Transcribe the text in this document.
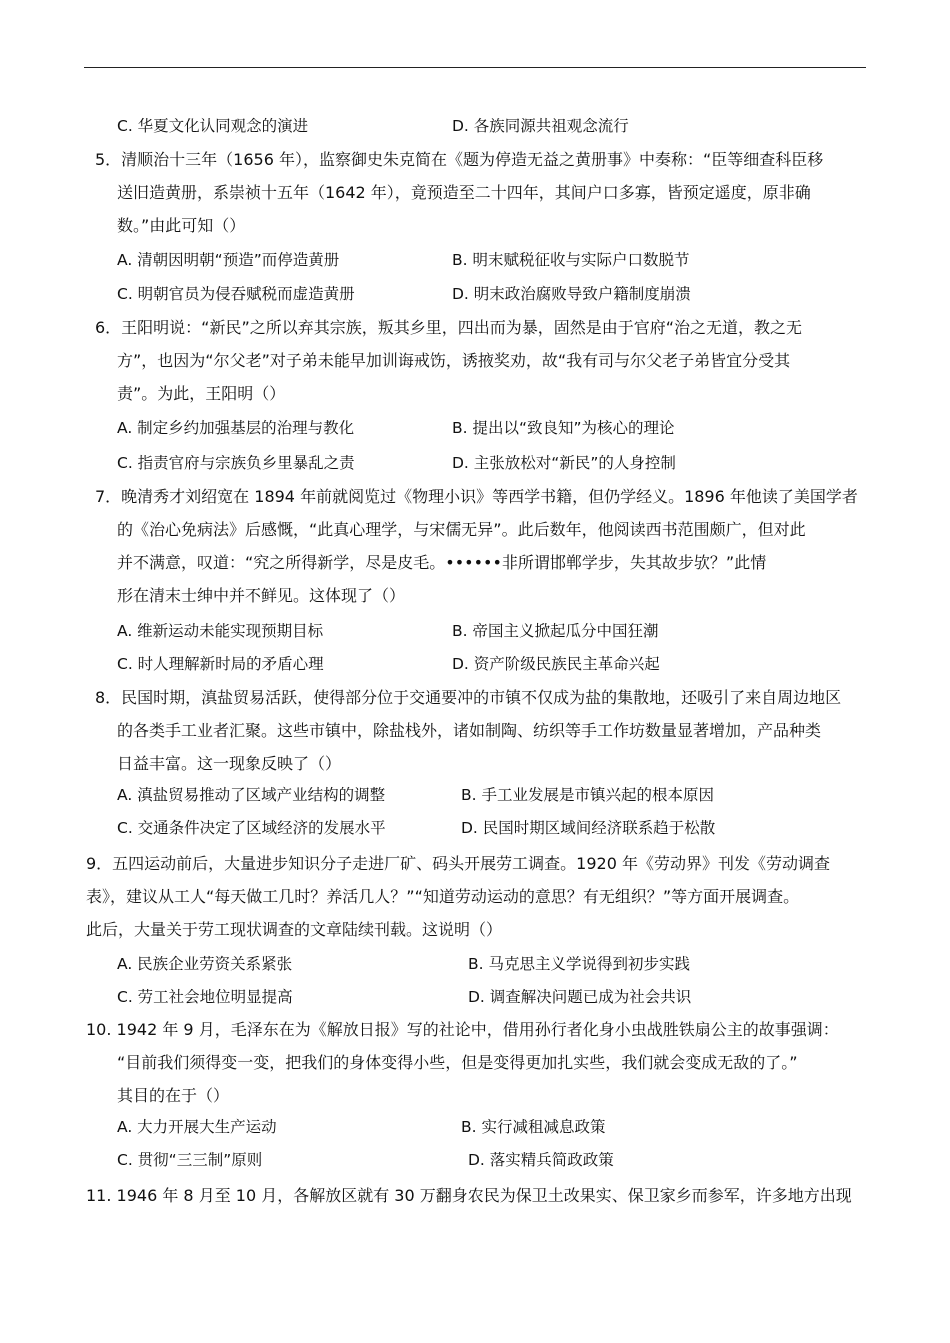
C. 华夏文化认同观念的演进	D. 各族同源共祖观念流行
5．清顺治十三年（1656 年），监察御史朱克简在《题为停造无益之黄册事》中奏称：“臣等细查科臣移
送旧造黄册，系崇祯十五年（1642 年），竟预造至二十四年，其间户口多寡，皆预定遥度，原非确
数。”由此可知（）
A. 清朝因明朝“预造”而停造黄册	B. 明末赋税征收与实际户口数脱节
C. 明朝官员为侵吞赋税而虚造黄册	D. 明末政治腐败导致户籍制度崩溃
6．王阳明说：“新民”之所以弃其宗族，叛其乡里，四出而为暴，固然是由于官府“治之无道，教之无
方”，也因为“尔父老”对子弟未能早加训诲戒饬，诱掖奖劝，故“我有司与尔父老子弟皆宜分受其
责”。为此，王阳明（）
A. 制定乡约加强基层的治理与教化	B. 提出以“致良知”为核心的理论
C. 指责官府与宗族负乡里暴乱之责	D. 主张放松对“新民”的人身控制
7．晚清秀才刘绍宽在 1894 年前就阅览过《物理小识》等西学书籍，但仍学经义。1896 年他读了美国学者
的《治心免病法》后感慨，“此真心理学，与宋儒无异”。此后数年，他阅读西书范围颇广，但对此
并不满意，叹道：“究之所得新学，尽是皮毛。••••••非所谓邯郸学步，失其故步欤？”此情
形在清末士绅中并不鲜见。这体现了（）
A. 维新运动未能实现预期目标	B. 帝国主义掀起瓜分中国狂潮
C. 时人理解新时局的矛盾心理	D. 资产阶级民族民主革命兴起
8．民国时期，滇盐贸易活跃，使得部分位于交通要冲的市镇不仅成为盐的集散地，还吸引了来自周边地区
的各类手工业者汇聚。这些市镇中，除盐栈外，诸如制陶、纺织等手工作坊数量显著增加，产品种类
日益丰富。这一现象反映了（）
A. 滇盐贸易推动了区域产业结构的调整	B. 手工业发展是市镇兴起的根本原因
C. 交通条件决定了区域经济的发展水平	D. 民国时期区域间经济联系趋于松散
9．五四运动前后，大量进步知识分子走进厂矿、码头开展劳工调查。1920 年《劳动界》刊发《劳动调查
表》，建议从工人“每天做工几时？养活几人？”“知道劳动运动的意思？有无组织？”等方面开展调查。
此后，大量关于劳工现状调查的文章陆续刊载。这说明（）
A. 民族企业劳资关系紧张	B. 马克思主义学说得到初步实践
C. 劳工社会地位明显提高	D. 调查解决问题已成为社会共识
10. 1942 年 9 月，毛泽东在为《解放日报》写的社论中，借用孙行者化身小虫战胜铁扇公主的故事强调：
“目前我们须得变一变，把我们的身体变得小些，但是变得更加扎实些，我们就会变成无敌的了。”
其目的在于（）
A. 大力开展大生产运动	B. 实行减租减息政策
C. 贯彻“三三制”原则	D. 落实精兵简政政策
11. 1946 年 8 月至 10 月，各解放区就有 30 万翻身农民为保卫土改果实、保卫家乡而参军，许多地方出现
